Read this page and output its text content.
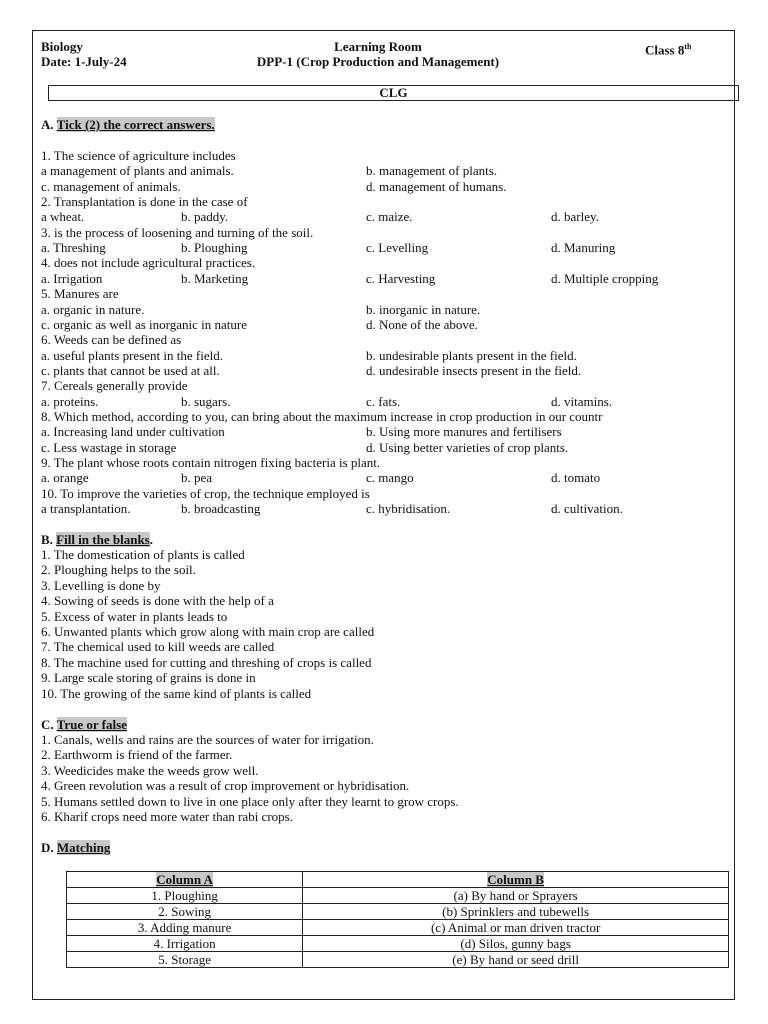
Biology
Date: 1-July-24
Learning Room
DPP-1 (Crop Production and Management)
Class 8th
CLG
A. Tick (2) the correct answers.
1. The science of agriculture includes
a management of plants and animals.	b. management of plants.
c. management of animals.	d. management of humans.
2. Transplantation is done in the case of
a wheat.	b. paddy.	c. maize.	d. barley.
3. is the process of loosening and turning of the soil.
a. Threshing	b. Ploughing	c. Levelling	d. Manuring
4. does not include agricultural practices.
a. Irrigation	b. Marketing	c. Harvesting	d. Multiple cropping
5. Manures are
a. organic in nature.	b. inorganic in nature.
c. organic as well as inorganic in nature	d. None of the above.
6. Weeds can be defined as
a. useful plants present in the field.	b. undesirable plants present in the field.
c. plants that cannot be used at all.	d. undesirable insects present in the field.
7. Cereals generally provide
a. proteins.	b. sugars.	c. fats.	d. vitamins.
8. Which method, according to you, can bring about the maximum increase in crop production in our countr
a. Increasing land under cultivation	b. Using more manures and fertilisers
c. Less wastage in storage	d. Using better varieties of crop plants.
9. The plant whose roots contain nitrogen fixing bacteria is plant.
a. orange	b. pea	c. mango	d. tomato
10. To improve the varieties of crop, the technique employed is
a transplantation.	b. broadcasting	c. hybridisation.	d. cultivation.
B. Fill in the blanks.
1. The domestication of plants is called
2. Ploughing helps to the soil.
3. Levelling is done by
4. Sowing of seeds is done with the help of a
5. Excess of water in plants leads to
6. Unwanted plants which grow along with main crop are called
7. The chemical used to kill weeds are called
8. The machine used for cutting and threshing of crops is called
9. Large scale storing of grains is done in
10. The growing of the same kind of plants is called
C. True or false
1. Canals, wells and rains are the sources of water for irrigation.
2. Earthworm is friend of the farmer.
3. Weedicides make the weeds grow well.
4. Green revolution was a result of crop improvement or hybridisation.
5. Humans settled down to live in one place only after they learnt to grow crops.
6. Kharif crops need more water than rabi crops.
D. Matching
Column A	Column B
1. Ploughing	(a) By hand or Sprayers
2. Sowing	(b) Sprinklers and tubewells
3. Adding manure	(c) Animal or man driven tractor
4. Irrigation	(d) Silos, gunny bags
5. Storage	(e) By hand or seed drill
